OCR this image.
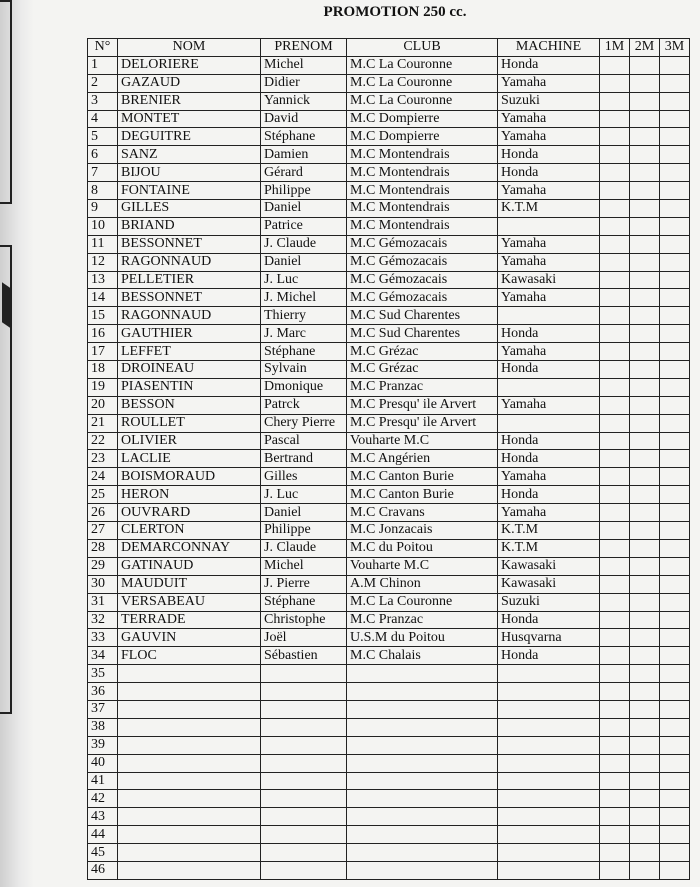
PROMOTION 250 cc.
N°	NOM	PRENOM	CLUB	MACHINE	1M	2M	3M
1	DELORIERE	Michel	M.C La Couronne	Honda			
2	GAZAUD	Didier	M.C La Couronne	Yamaha			
3	BRENIER	Yannick	M.C La Couronne	Suzuki			
4	MONTET	David	M.C Dompierre	Yamaha			
5	DEGUITRE	Stéphane	M.C Dompierre	Yamaha			
6	SANZ	Damien	M.C Montendrais	Honda			
7	BIJOU	Gérard	M.C Montendrais	Honda			
8	FONTAINE	Philippe	M.C Montendrais	Yamaha			
9	GILLES	Daniel	M.C Montendrais	K.T.M			
10	BRIAND	Patrice	M.C Montendrais				
11	BESSONNET	J. Claude	M.C Gémozacais	Yamaha			
12	RAGONNAUD	Daniel	M.C Gémozacais	Yamaha			
13	PELLETIER	J. Luc	M.C Gémozacais	Kawasaki			
14	BESSONNET	J. Michel	M.C Gémozacais	Yamaha			
15	RAGONNAUD	Thierry	M.C Sud Charentes				
16	GAUTHIER	J. Marc	M.C Sud Charentes	Honda			
17	LEFFET	Stéphane	M.C Grézac	Yamaha			
18	DROINEAU	Sylvain	M.C Grézac	Honda			
19	PIASENTIN	Dmonique	M.C Pranzac				
20	BESSON	Patrck	M.C Presqu' ile Arvert	Yamaha			
21	ROULLET	Chery Pierre	M.C Presqu' ile Arvert				
22	OLIVIER	Pascal	Vouharte M.C	Honda			
23	LACLIE	Bertrand	M.C Angérien	Honda			
24	BOISMORAUD	Gilles	M.C Canton Burie	Yamaha			
25	HERON	J. Luc	M.C Canton Burie	Honda			
26	OUVRARD	Daniel	M.C Cravans	Yamaha			
27	CLERTON	Philippe	M.C Jonzacais	K.T.M			
28	DEMARCONNAY	J. Claude	M.C du Poitou	K.T.M			
29	GATINAUD	Michel	Vouharte M.C	Kawasaki			
30	MAUDUIT	J. Pierre	A.M Chinon	Kawasaki			
31	VERSABEAU	Stéphane	M.C La Couronne	Suzuki			
32	TERRADE	Christophe	M.C Pranzac	Honda			
33	GAUVIN	Joël	U.S.M du Poitou	Husqvarna			
34	FLOC	Sébastien	M.C Chalais	Honda			
35							
36							
37							
38							
39							
40							
41							
42							
43							
44							
45							
46							
